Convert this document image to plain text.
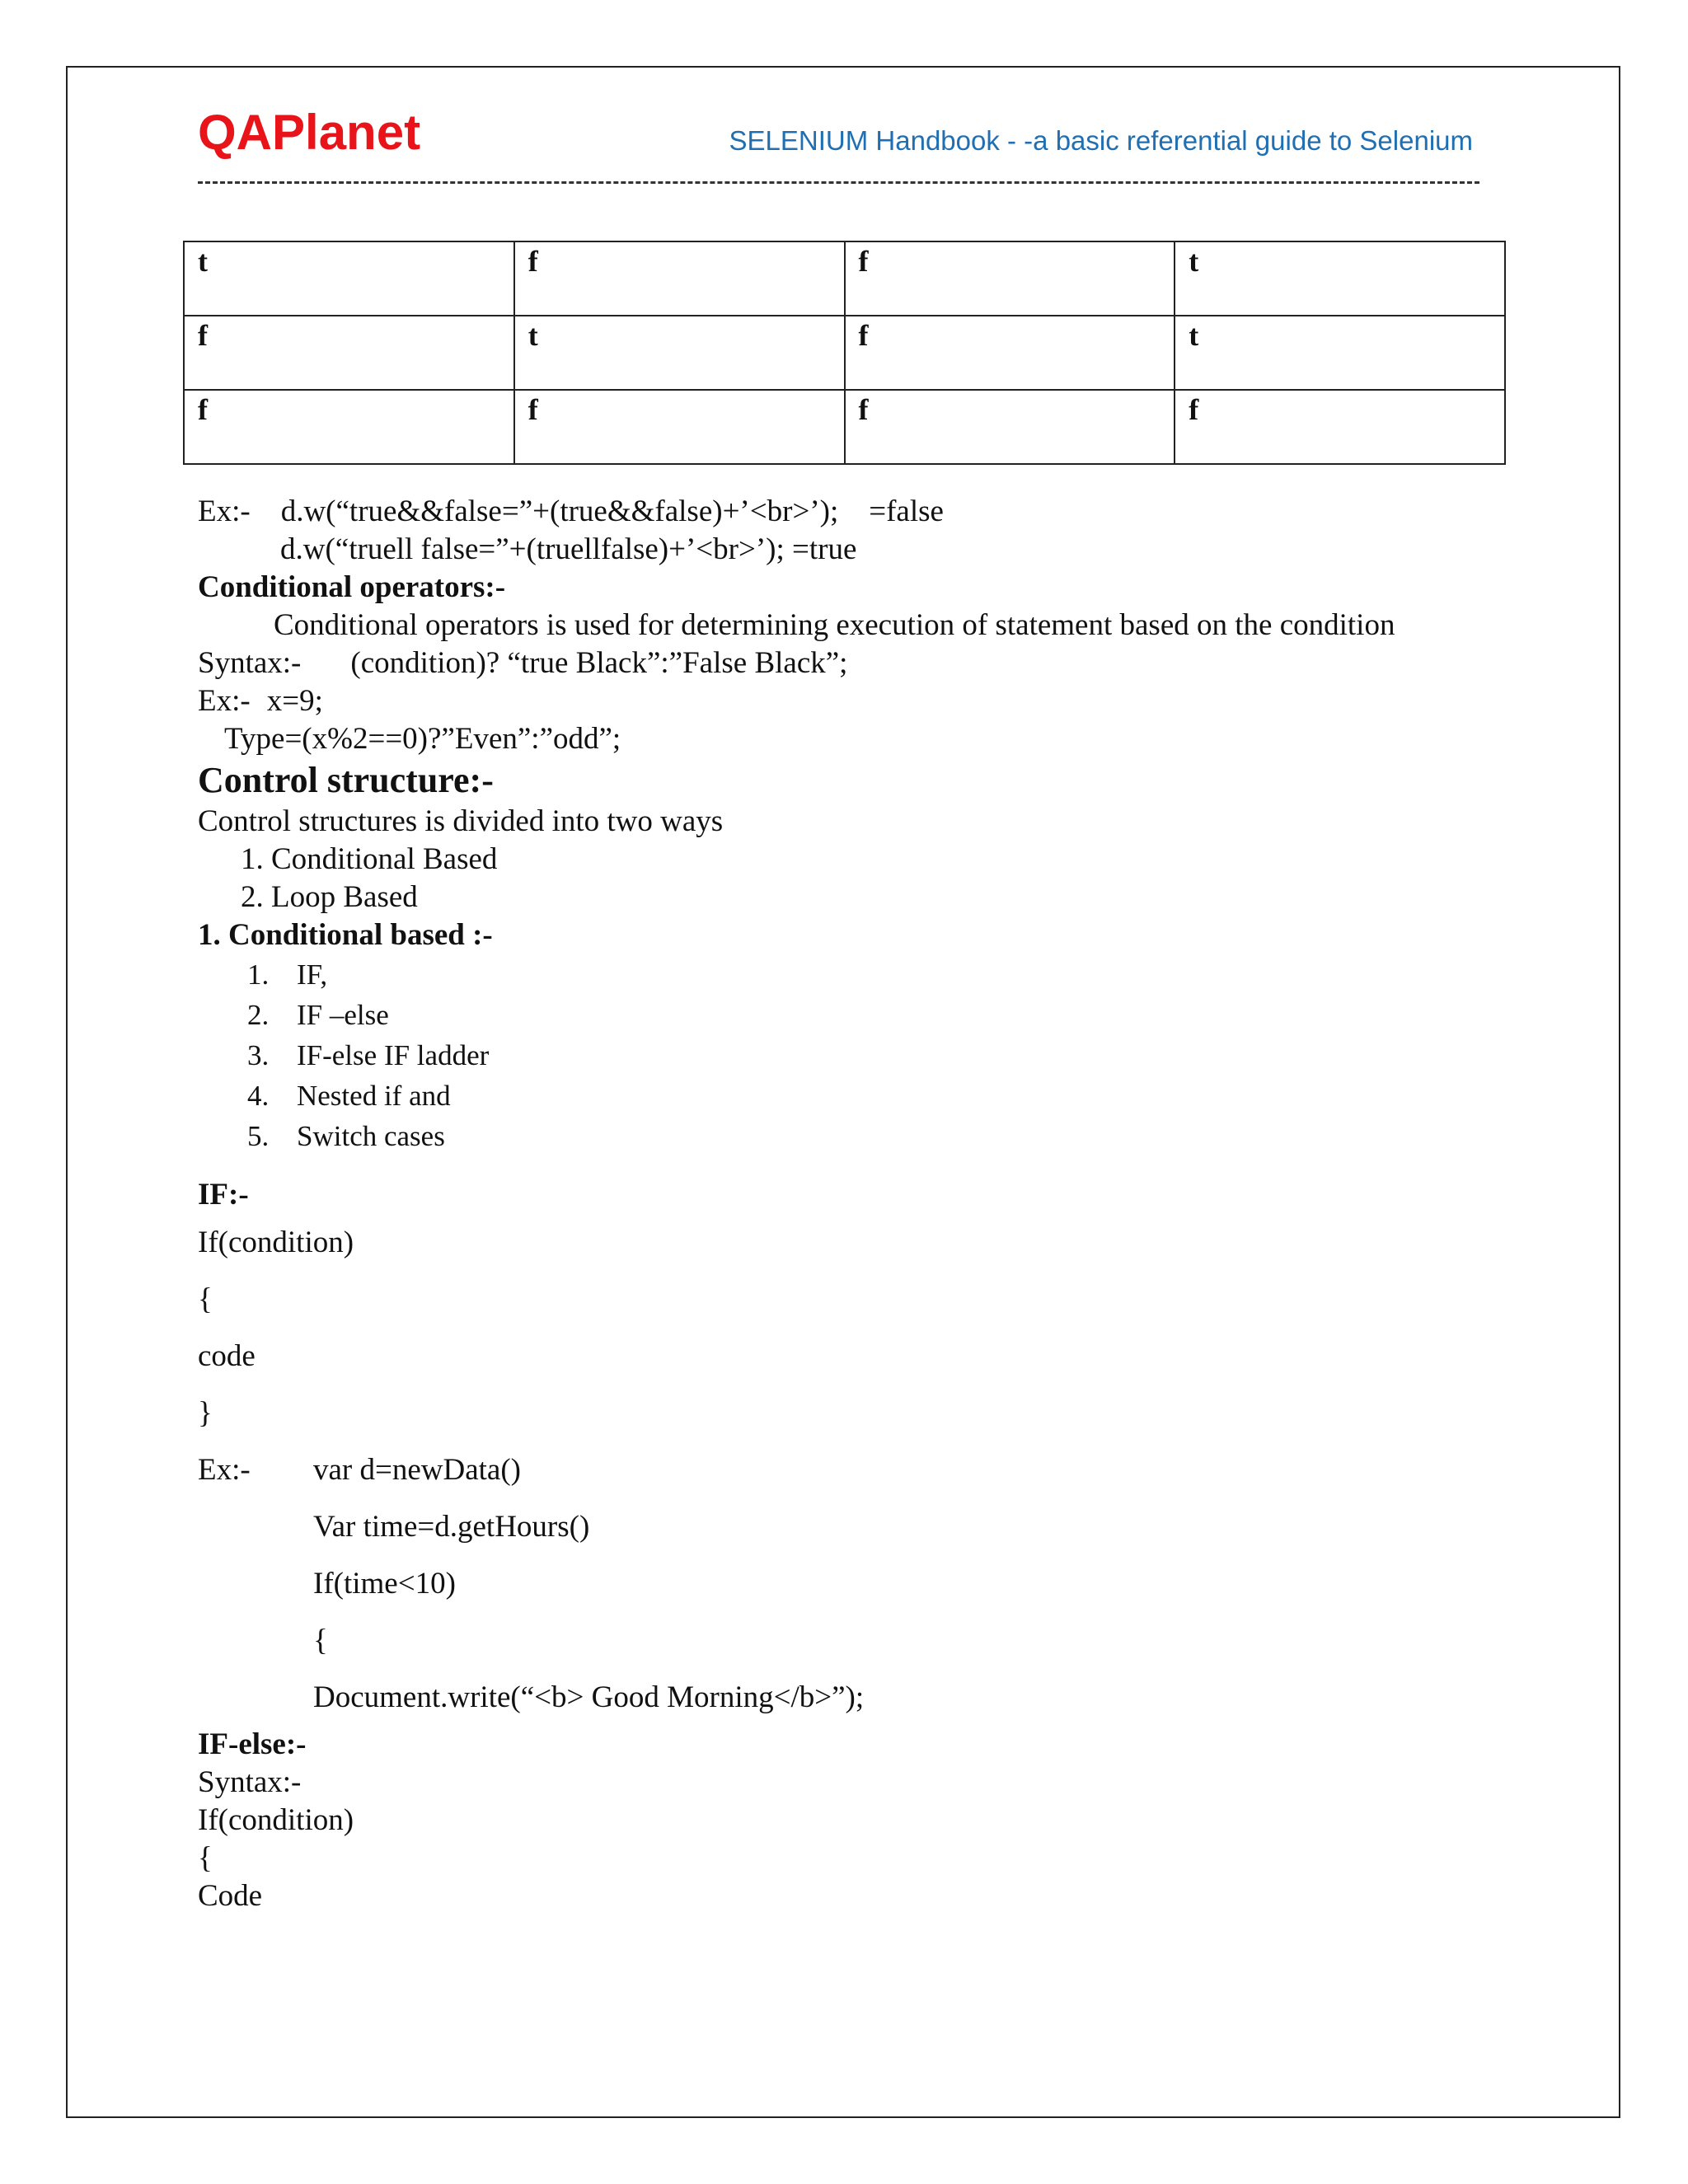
QAPlanet	SELENIUM Handbook - -a basic referential guide to Selenium
t	f	f	t
f	t	f	t
f	f	f	f

Ex:-    d.w(“true&&false=”+(true&&false)+’<br>’);    =false

d.w(“truell false=”+(truellfalse)+’<br>’); =true

Conditional operators:-

Conditional operators is used for determining execution of statement based on the condition

Syntax:- (condition)? “true Black”:”False Black”;

Ex:- x=9;

Type=(x%2==0)?”Even”:”odd”;

Control structure:-

Control structures is divided into two ways

1. Conditional Based
2. Loop Based

1. Conditional based :-

1. IF,
2. IF –else
3. IF-else IF ladder
4. Nested if and
5. Switch cases

IF:-

If(condition)

{

code

}

Ex:- var d=newData()

Var time=d.getHours()

If(time<10)

{

Document.write(“<b> Good Morning</b>”);

IF-else:-

Syntax:-

If(condition)

{

Code
